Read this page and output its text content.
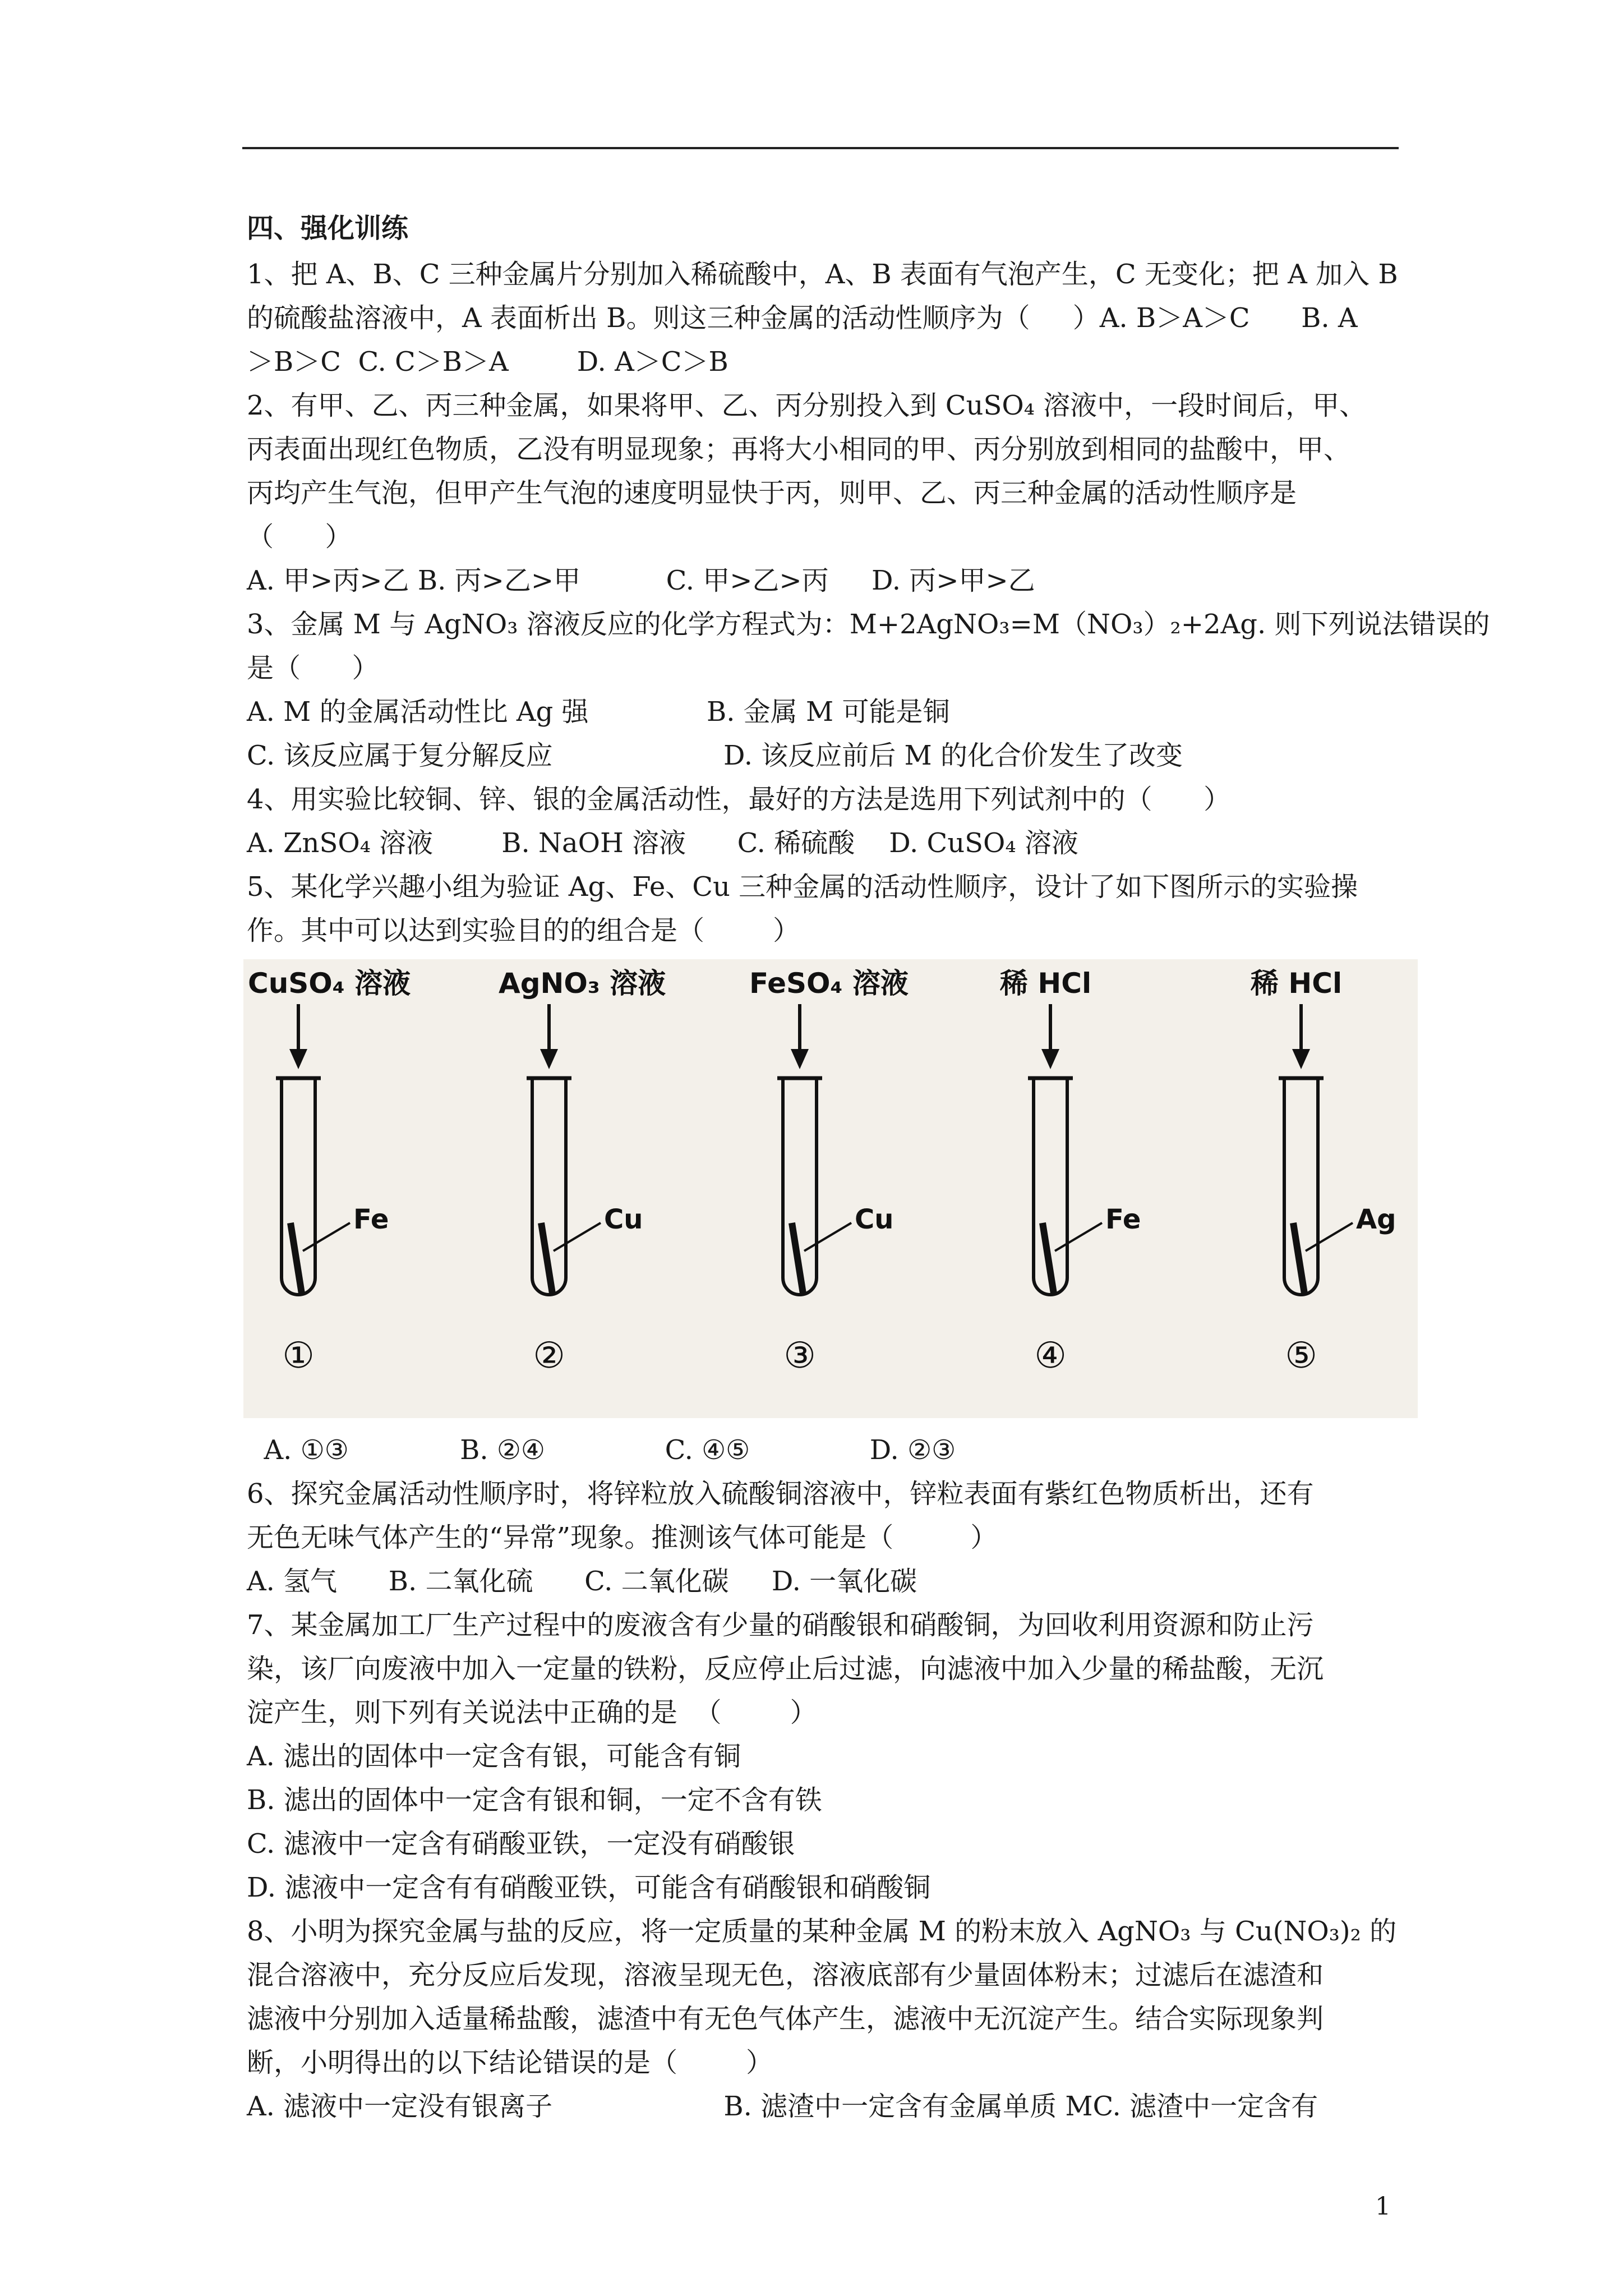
四、强化训练
1、把 A、B、C 三种金属片分别加入稀硫酸中，A、B 表面有气泡产生，C 无变化；把 A 加入 B
的硫酸盐溶液中，A 表面析出 B。则这三种金属的活动性顺序为（     ）A. B＞A＞C      B. A
＞B＞C  C. C＞B＞A        D. A＞C＞B
2、有甲、乙、丙三种金属，如果将甲、乙、丙分别投入到 CuSO₄ 溶液中，一段时间后，甲、
丙表面出现红色物质，乙没有明显现象；再将大小相同的甲、丙分别放到相同的盐酸中，甲、
丙均产生气泡，但甲产生气泡的速度明显快于丙，则甲、乙、丙三种金属的活动性顺序是
（      ）
A. 甲>丙>乙 B. 丙>乙>甲          C. 甲>乙>丙     D. 丙>甲>乙
3、金属 M 与 AgNO₃ 溶液反应的化学方程式为：M+2AgNO₃=M（NO₃）₂+2Ag. 则下列说法错误的
是（      ）
A. M 的金属活动性比 Ag 强	B. 金属 M 可能是铜
C. 该反应属于复分解反应	D. 该反应前后 M 的化合价发生了改变
4、用实验比较铜、锌、银的金属活动性，最好的方法是选用下列试剂中的（      ）
A. ZnSO₄ 溶液        B. NaOH 溶液      C. 稀硫酸    D. CuSO₄ 溶液
5、某化学兴趣小组为验证 Ag、Fe、Cu 三种金属的活动性顺序，设计了如下图所示的实验操
作。其中可以达到实验目的的组合是（        ）
CuSO₄ 溶液
Fe
①
AgNO₃ 溶液
Cu
②
FeSO₄ 溶液
Cu
③
稀 HCl
Fe
④
稀 HCl
Ag
⑤
A. ①③             B. ②④              C. ④⑤              D. ②③
6、探究金属活动性顺序时，将锌粒放入硫酸铜溶液中，锌粒表面有紫红色物质析出，还有
无色无味气体产生的“异常”现象。推测该气体可能是（         ）
A. 氢气      B. 二氧化硫      C. 二氧化碳     D. 一氧化碳
7、某金属加工厂生产过程中的废液含有少量的硝酸银和硝酸铜，为回收利用资源和防止污
染，该厂向废液中加入一定量的铁粉，反应停止后过滤，向滤液中加入少量的稀盐酸，无沉
淀产生，则下列有关说法中正确的是  （        ）
A. 滤出的固体中一定含有银，可能含有铜
B. 滤出的固体中一定含有银和铜，一定不含有铁
C. 滤液中一定含有硝酸亚铁，一定没有硝酸银
D. 滤液中一定含有有硝酸亚铁，可能含有硝酸银和硝酸铜
8、小明为探究金属与盐的反应，将一定质量的某种金属 M 的粉末放入 AgNO₃ 与 Cu(NO₃)₂ 的
混合溶液中，充分反应后发现，溶液呈现无色，溶液底部有少量固体粉末；过滤后在滤渣和
滤液中分别加入适量稀盐酸，滤渣中有无色气体产生，滤液中无沉淀产生。结合实际现象判
断，小明得出的以下结论错误的是（        ）
A. 滤液中一定没有银离子                    B. 滤渣中一定含有金属单质 MC. 滤渣中一定含有
1
